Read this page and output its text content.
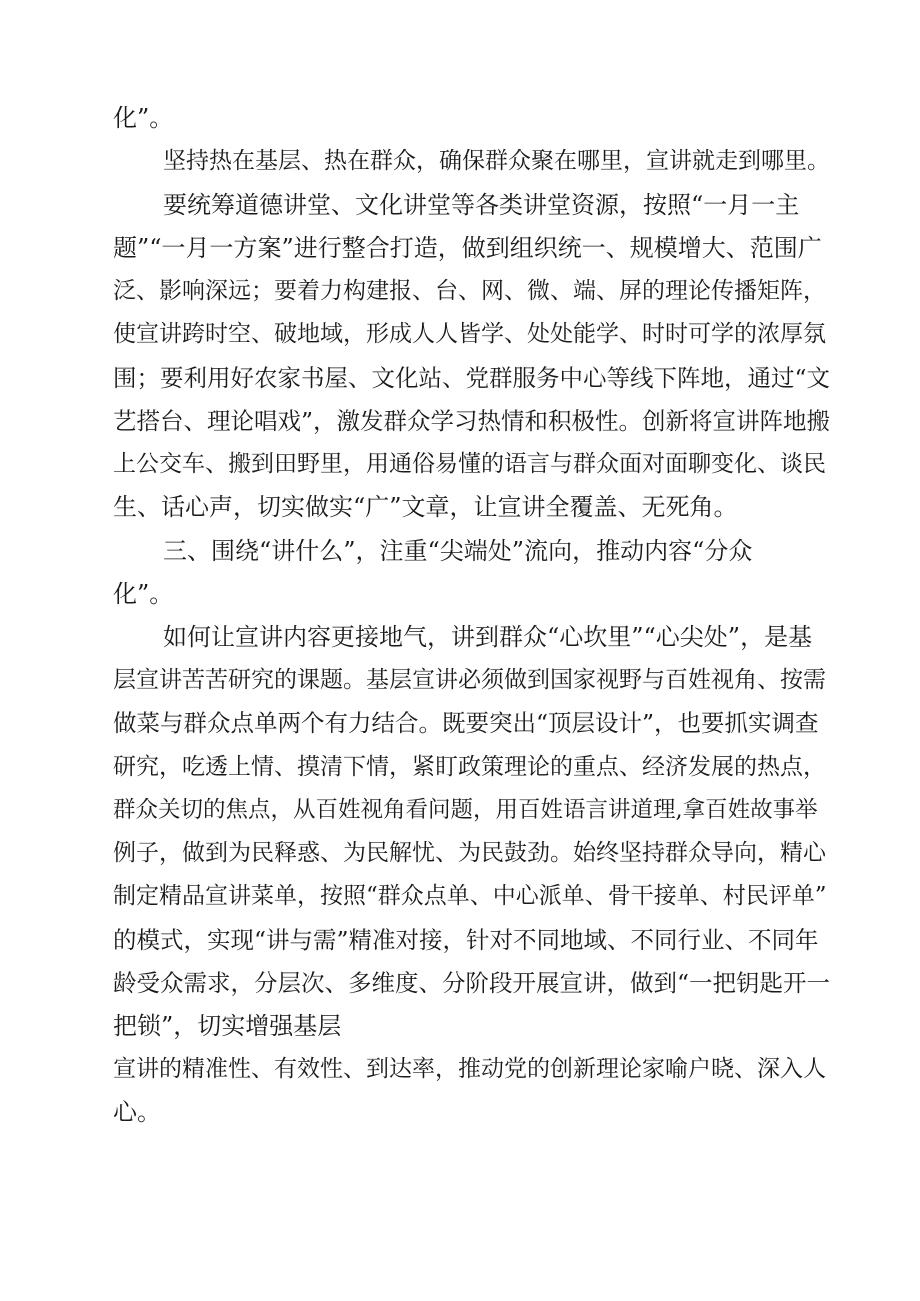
化”。
坚持热在基层、热在群众，确保群众聚在哪里，宣讲就走到哪里。
要统筹道德讲堂、文化讲堂等各类讲堂资源，按照“一月一主
题”“一月一方案”进行整合打造，做到组织统一、规模增大、范围广
泛、影响深远；要着力构建报、台、网、微、端、屏的理论传播矩阵，
使宣讲跨时空、破地域，形成人人皆学、处处能学、时时可学的浓厚氛
围；要利用好农家书屋、文化站、党群服务中心等线下阵地，通过“文
艺搭台、理论唱戏”，激发群众学习热情和积极性。创新将宣讲阵地搬
上公交车、搬到田野里，用通俗易懂的语言与群众面对面聊变化、谈民
生、话心声，切实做实“广”文章，让宣讲全覆盖、无死角。
三、围绕“讲什么”，注重“尖端处”流向，推动内容“分众
化”。
如何让宣讲内容更接地气，讲到群众“心坎里”“心尖处”，是基
层宣讲苦苦研究的课题。基层宣讲必须做到国家视野与百姓视角、按需
做菜与群众点单两个有力结合。既要突出“顶层设计”，也要抓实调查
研究，吃透上情、摸清下情，紧盯政策理论的重点、经济发展的热点，
群众关切的焦点，从百姓视角看问题，用百姓语言讲道理,拿百姓故事举
例子，做到为民释惑、为民解忧、为民鼓劲。始终坚持群众导向，精心
制定精品宣讲菜单，按照“群众点单、中心派单、骨干接单、村民评单”
的模式，实现“讲与需”精准对接，针对不同地域、不同行业、不同年
龄受众需求，分层次、多维度、分阶段开展宣讲，做到“一把钥匙开一
把锁”，切实增强基层
宣讲的精准性、有效性、到达率，推动党的创新理论家喻户晓、深入人
心。
